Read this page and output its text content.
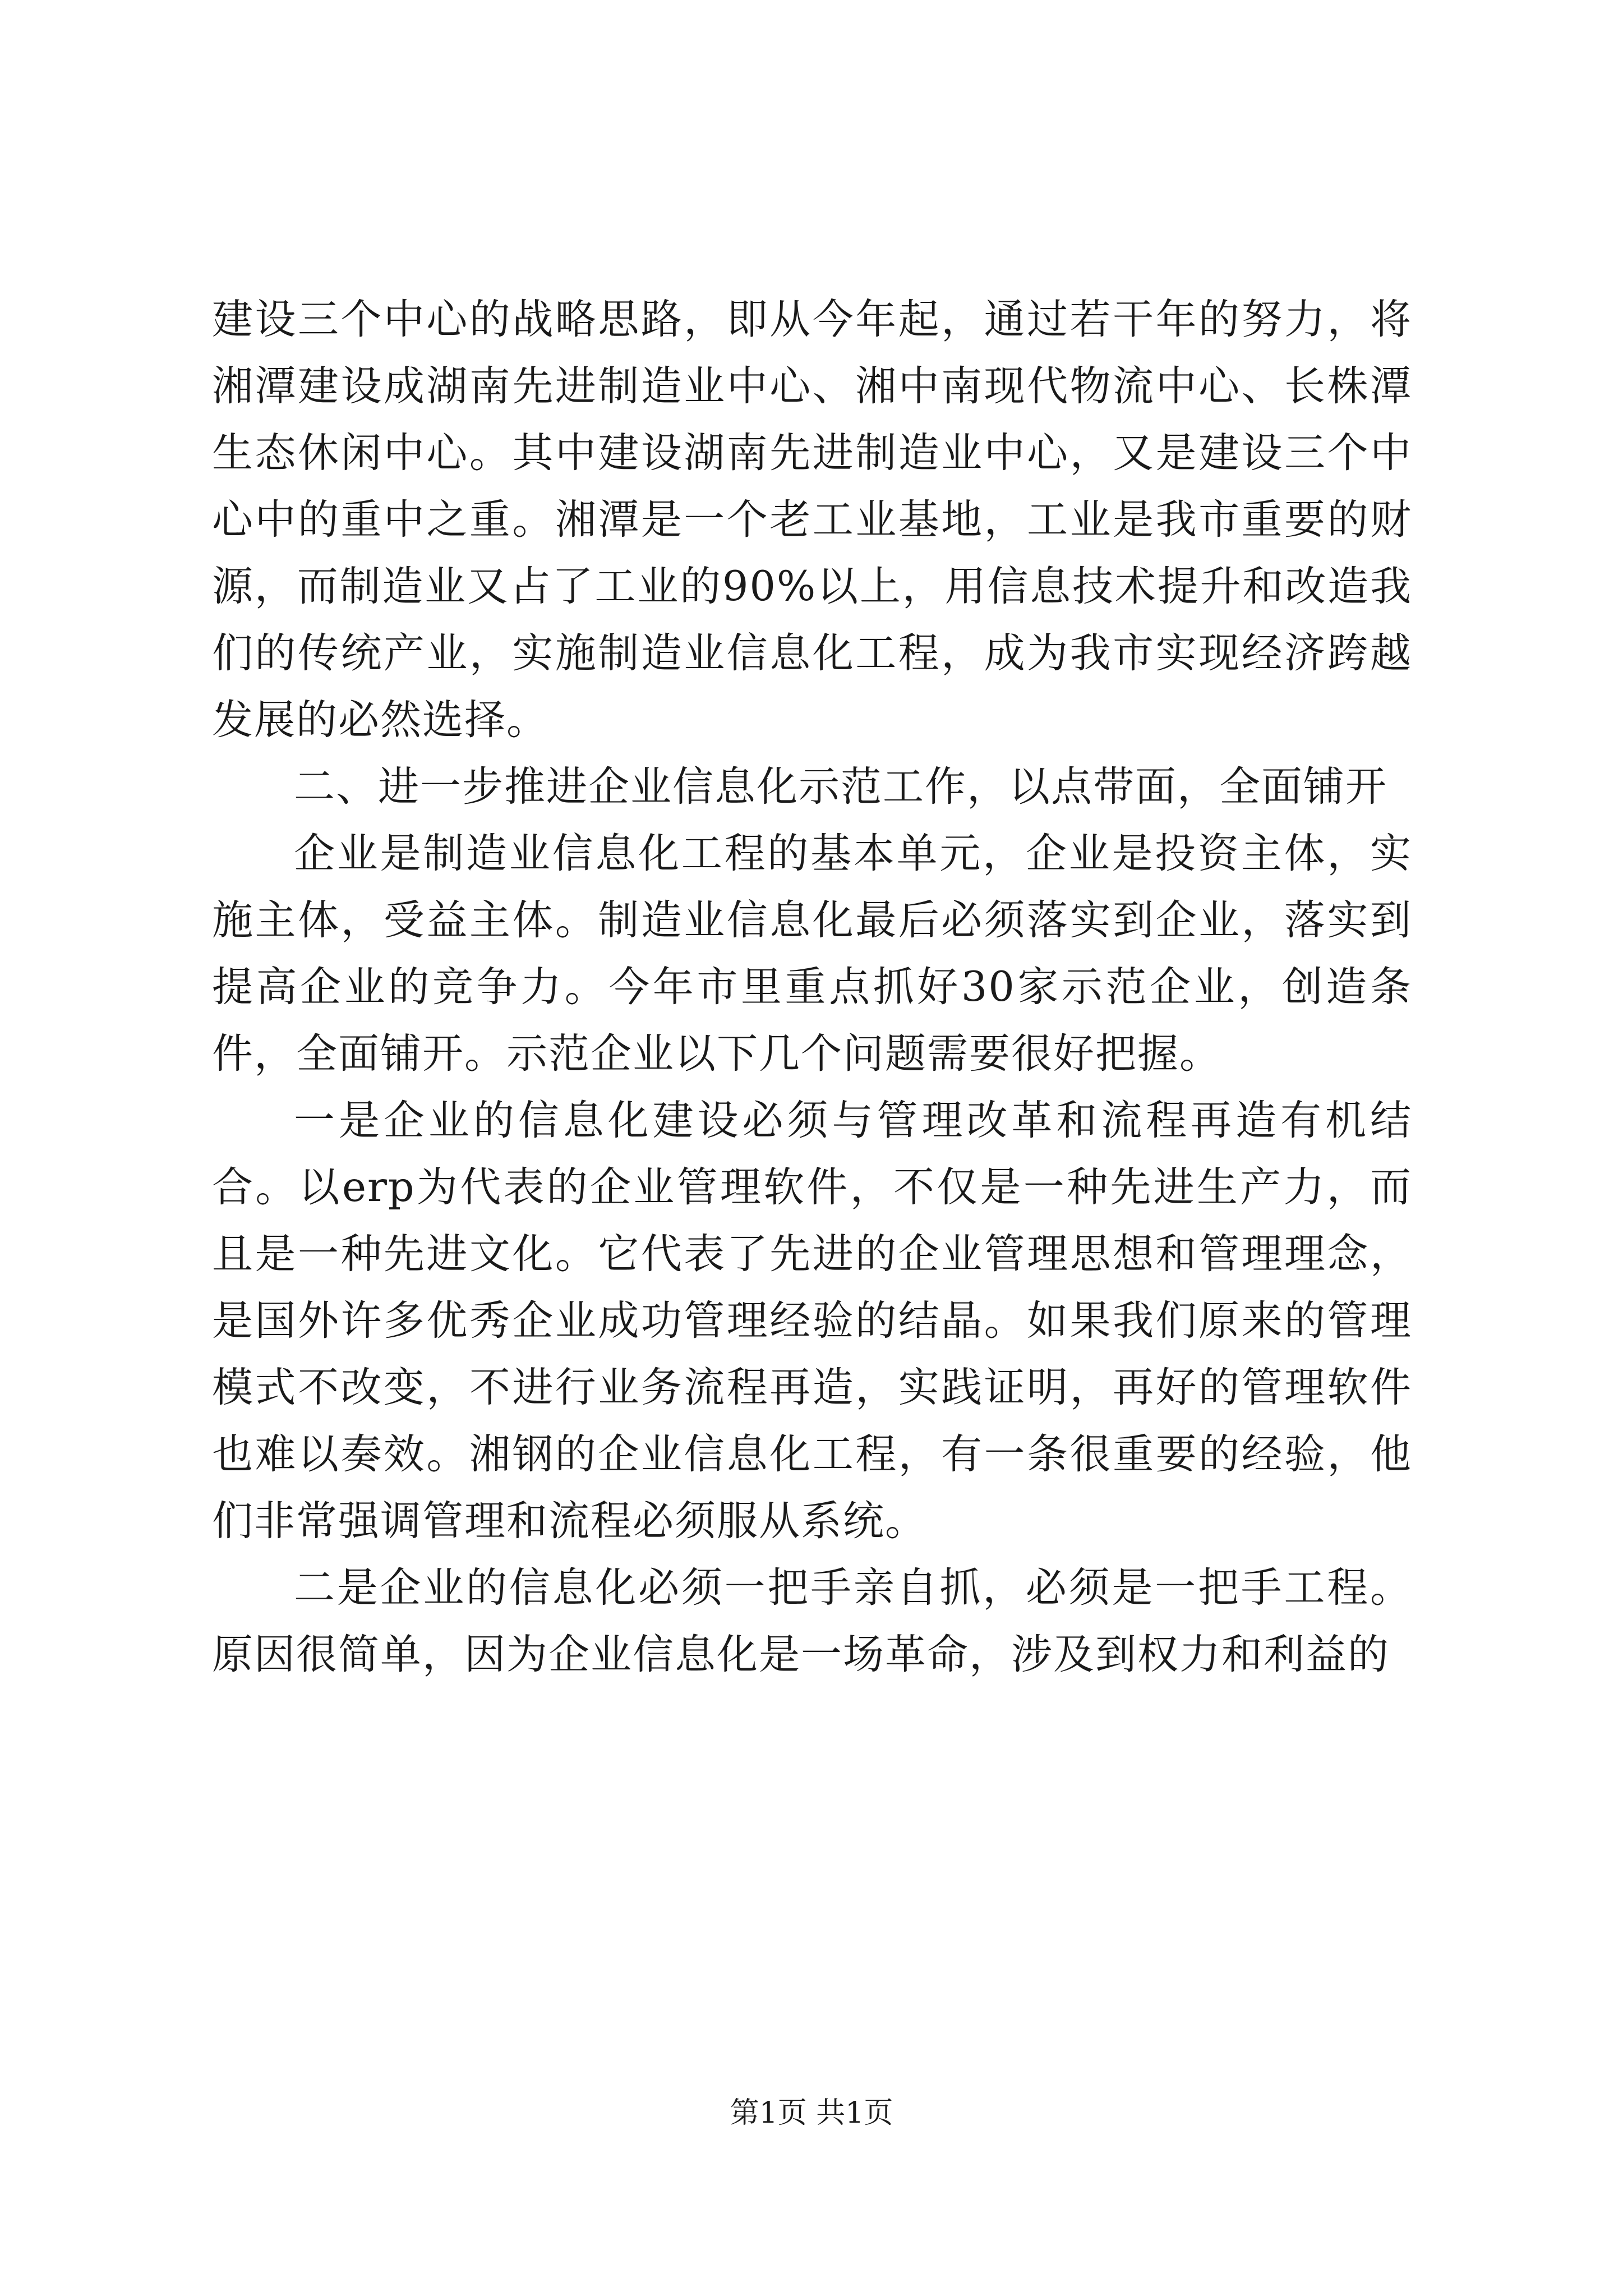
建设三个中心的战略思路，即从今年起，通过若干年的努力，将湘潭建设成湖南先进制造业中心、湘中南现代物流中心、长株潭生态休闲中心。其中建设湖南先进制造业中心，又是建设三个中心中的重中之重。湘潭是一个老工业基地，工业是我市重要的财源，而制造业又占了工业的90%以上，用信息技术提升和改造我们的传统产业，实施制造业信息化工程，成为我市实现经济跨越发展的必然选择。

二、进一步推进企业信息化示范工作，以点带面，全面铺开

企业是制造业信息化工程的基本单元，企业是投资主体，实施主体，受益主体。制造业信息化最后必须落实到企业，落实到提高企业的竞争力。今年市里重点抓好30家示范企业，创造条件，全面铺开。示范企业以下几个问题需要很好把握。

一是企业的信息化建设必须与管理改革和流程再造有机结合。以erp为代表的企业管理软件，不仅是一种先进生产力，而且是一种先进文化。它代表了先进的企业管理思想和管理理念，是国外许多优秀企业成功管理经验的结晶。如果我们原来的管理模式不改变，不进行业务流程再造，实践证明，再好的管理软件也难以奏效。湘钢的企业信息化工程，有一条很重要的经验，他们非常强调管理和流程必须服从系统。

二是企业的信息化必须一把手亲自抓，必须是一把手工程。原因很简单，因为企业信息化是一场革命，涉及到权力和利益的

第1页 共1页
